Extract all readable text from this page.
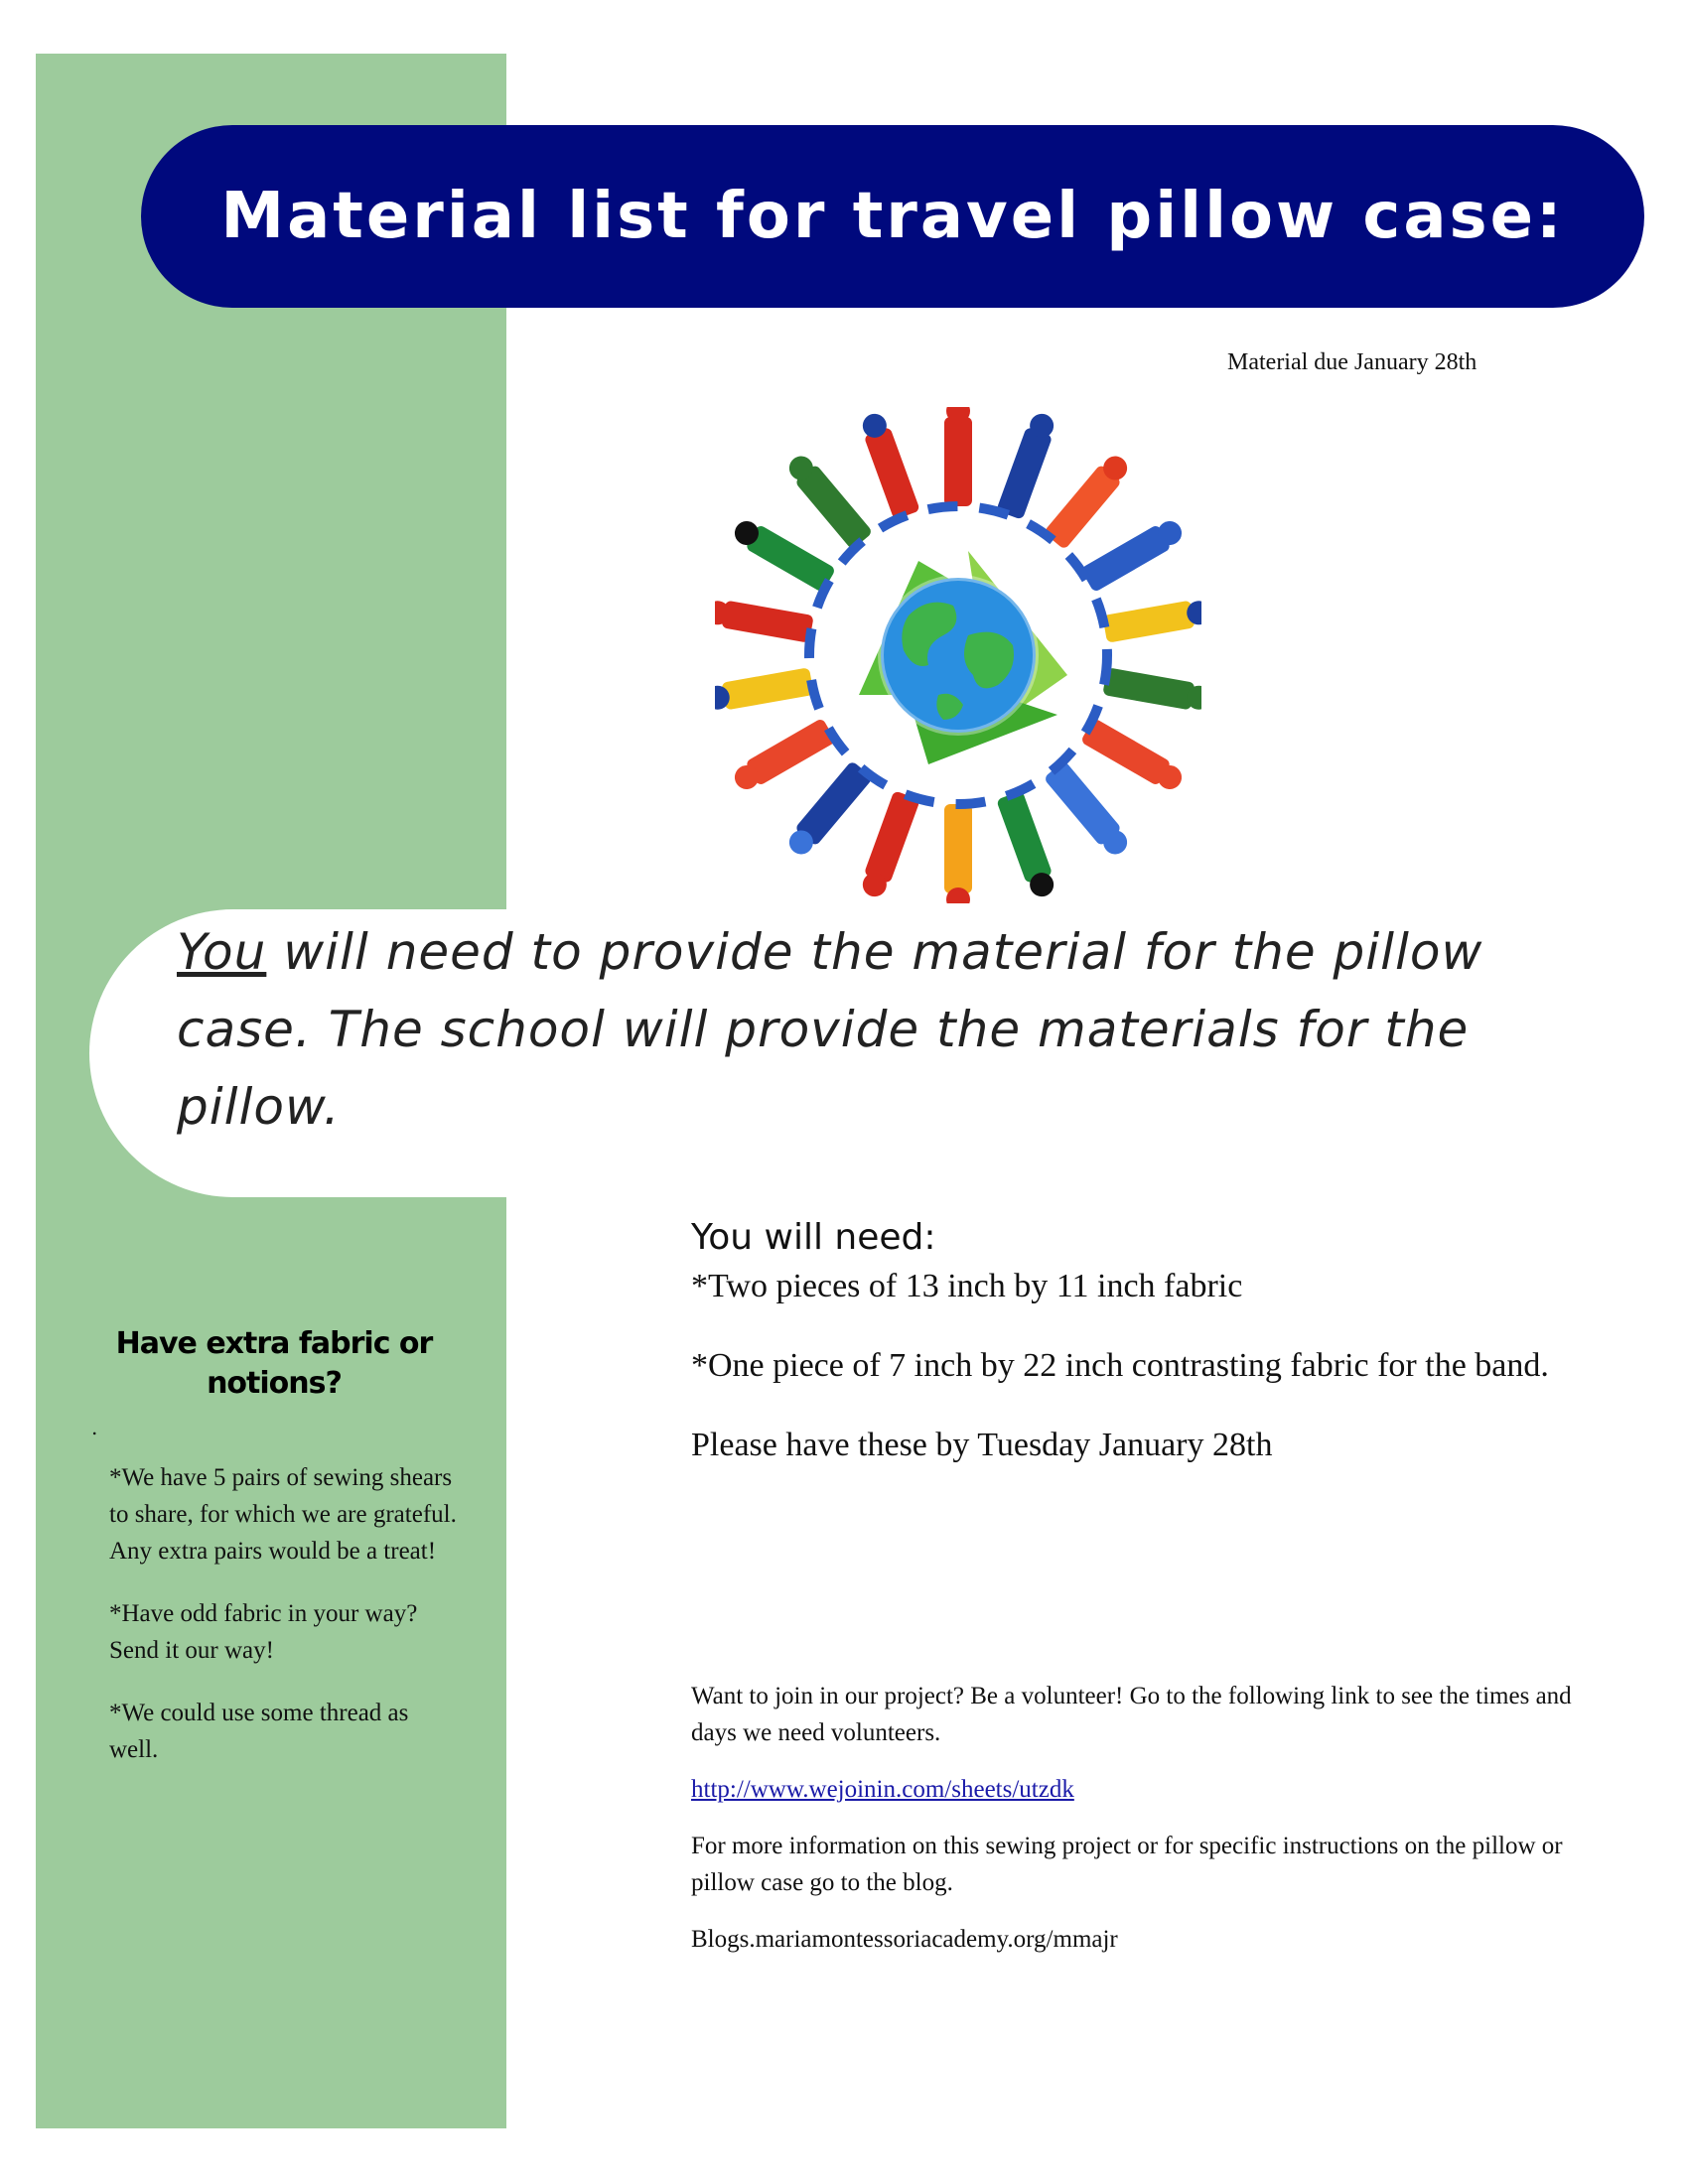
Material list for travel pillow case:
Material due January 28th
You will need to provide the material for the pillow case. The school will provide the materials for the pillow.
Have extra fabric or notions?
.

*We have 5 pairs of sewing shears to share, for which we are grateful. Any extra pairs would be a treat!

*Have odd fabric in your way? Send it our way!

*We could use some thread as well.

You will need:

*Two pieces of 13 inch by 11 inch fabric

*One piece of 7 inch by 22 inch contrasting fabric for the band.

Please have these by Tuesday January 28th

Want to join in our project? Be a volunteer! Go to the following link to see the times and days we need volunteers.

http://www.wejoinin.com/sheets/utzdk

For more information on this sewing project or for specific instructions on the pillow or pillow case go to the blog.

Blogs.mariamontessoriacademy.org/mmajr
